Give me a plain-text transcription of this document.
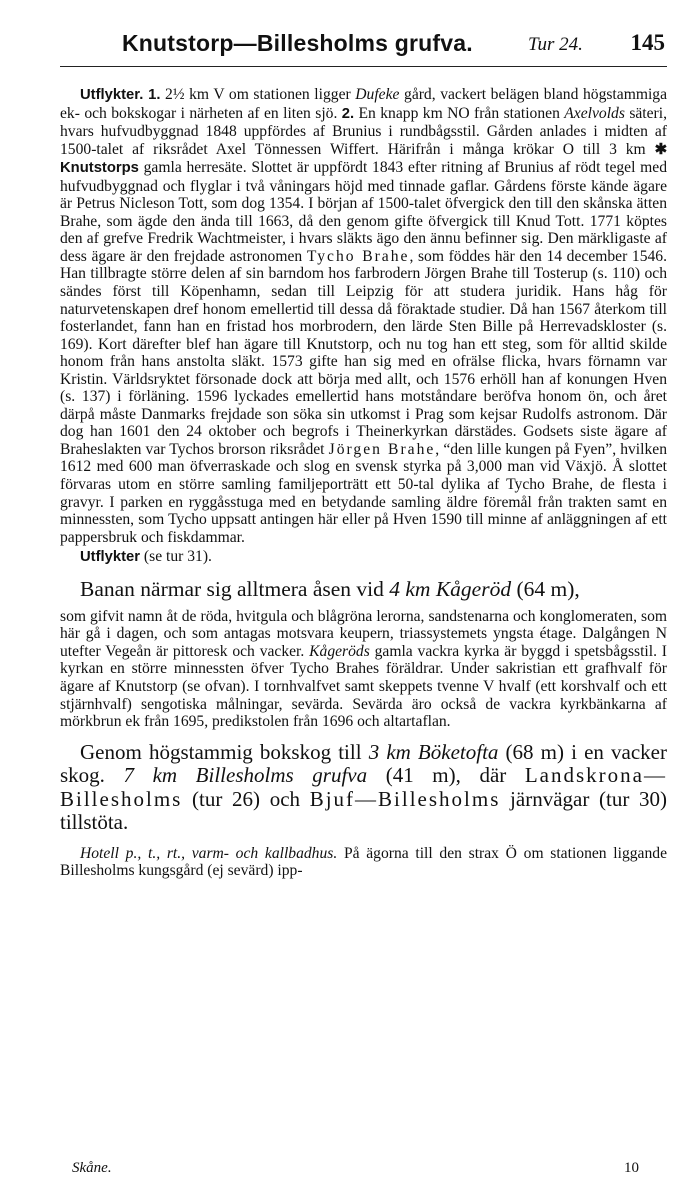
Knutstorp—Billesholms grufva.	Tur 24. 145

Utflykter. 1. 2½ km V om stationen ligger Dufeke gård, vackert belägen bland högstammiga ek- och bokskogar i närheten af en liten sjö. 2. En knapp km NO från stationen Axelvolds säteri, hvars hufvudbyggnad 1848 uppfördes af Brunius i rundbågsstil. Gården anlades i midten af 1500-talet af riksrådet Axel Tönnessen Wiffert. Härifrån i många krökar O till 3 km ✱ Knutstorps gamla herresäte. Slottet är uppfördt 1843 efter ritning af Brunius af rödt tegel med hufvudbyggnad och flyglar i två våningars höjd med tinnade gaflar. Gårdens förste kände ägare är Petrus Nicleson Tott, som dog 1354. I början af 1500-talet öfvergick den till den skånska ätten Brahe, som ägde den ända till 1663, då den genom gifte öfvergick till Knud Tott. 1771 köptes den af grefve Fredrik Wachtmeister, i hvars släkts ägo den ännu befinner sig. Den märkligaste af dess ägare är den frejdade astronomen Tycho Brahe, som föddes här den 14 december 1546. Han tillbragte större delen af sin barndom hos farbrodern Jörgen Brahe till Tosterup (s. 110) och sändes först till Köpenhamn, sedan till Leipzig för att studera juridik. Hans håg för naturvetenskapen dref honom emellertid till dessa då föraktade studier. Då han 1567 återkom till fosterlandet, fann han en fristad hos morbrodern, den lärde Sten Bille på Herrevadskloster (s. 169). Kort därefter blef han ägare till Knutstorp, och nu tog han ett steg, som för alltid skilde honom från hans anstolta släkt. 1573 gifte han sig med en ofrälse flicka, hvars förnamn var Kristin. Världsryktet försonade dock att börja med allt, och 1576 erhöll han af konungen Hven (s. 137) i förläning. 1596 lyckades emellertid hans motståndare beröfva honom ön, och året därpå måste Danmarks frejdade son söka sin utkomst i Prag som kejsar Rudolfs astronom. Där dog han 1601 den 24 oktober och begrofs i Theinerkyrkan därstädes. Godsets siste ägare af Braheslakten var Tychos brorson riksrådet Jörgen Brahe, “den lille kungen på Fyen”, hvilken 1612 med 600 man öfverraskade och slog en svensk styrka på 3,000 man vid Växjö. Å slottet förvaras utom en större samling familjeporträtt ett 50-tal dylika af Tycho Brahe, de flesta i gravyr. I parken en ryggåsstuga med en betydande samling äldre föremål från trakten samt en minnessten, som Tycho uppsatt antingen här eller på Hven 1590 till minne af anläggningen af ett pappersbruk och fiskdammar.

Utflykter (se tur 31).

Banan närmar sig alltmera åsen vid 4 km Kågeröd (64 m),

som gifvit namn åt de röda, hvitgula och blågröna lerorna, sandstenarna och konglomeraten, som här gå i dagen, och som antagas motsvara keupern, triassystemets yngsta étage. Dalgången N utefter Vegeån är pittoresk och vacker. Kågeröds gamla vackra kyrka är byggd i spetsbågsstil. I kyrkan en större minnessten öfver Tycho Brahes föräldrar. Under sakristian ett grafhvalf för ägare af Knutstorp (se ofvan). I tornhvalfvet samt skeppets tvenne V hvalf (ett korshvalf och ett stjärnhvalf) sengotiska målningar, sevärda. Sevärda äro också de vackra kyrkbänkarna af mörkbrun ek från 1695, predikstolen från 1696 och altartaflan.

Genom högstammig bokskog till 3 km Böketofta (68 m) i en vacker skog. 7 km Billesholms grufva (41 m), där Landskrona—Billesholms (tur 26) och Bjuf—Billesholms järnvägar (tur 30) tillstöta.

Hotell p., t., rt., varm- och kallbadhus. På ägorna till den strax Ö om stationen liggande Billesholms kungsgård (ej sevärd) ipp-

Skåne.	10
